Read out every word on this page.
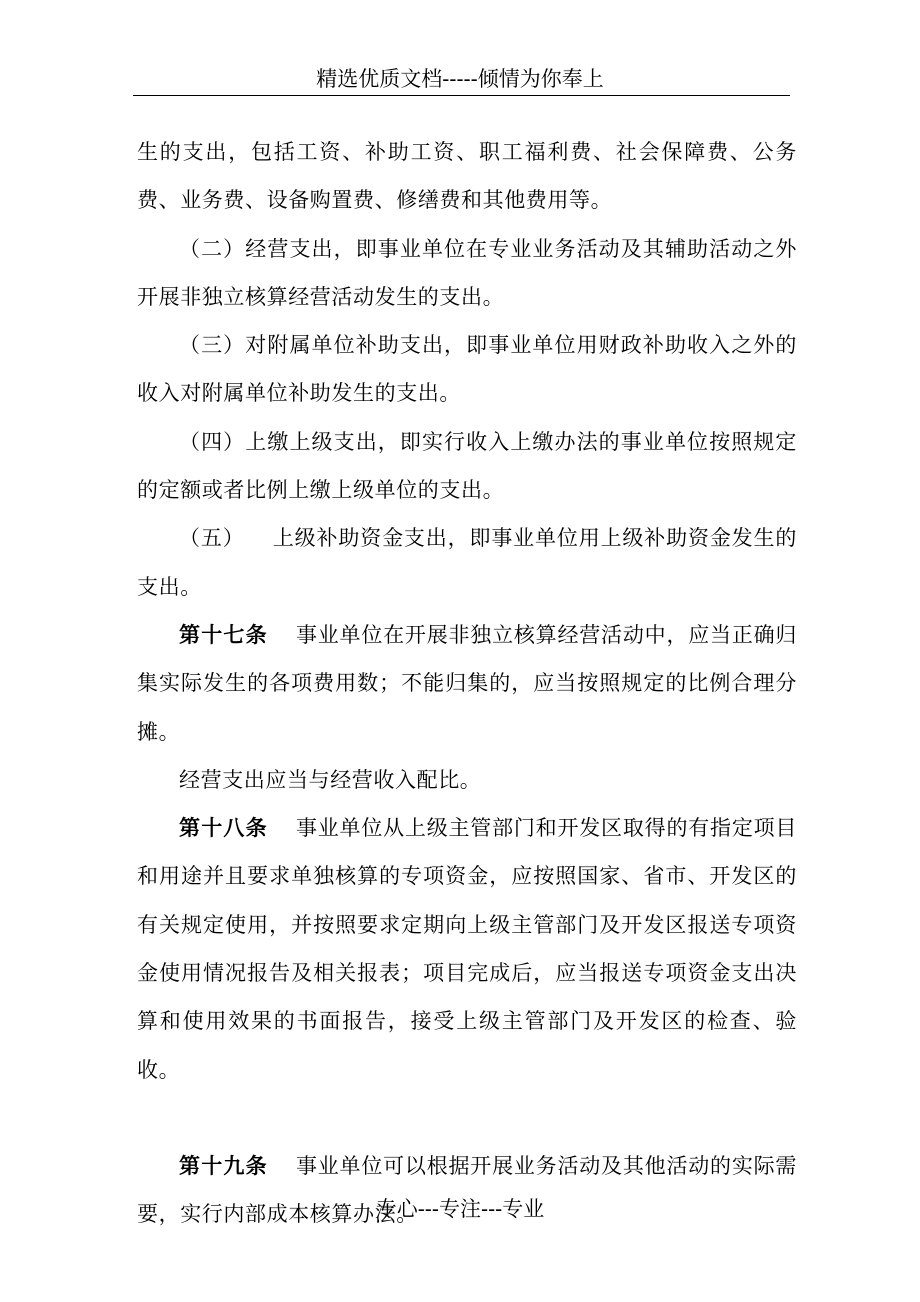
精选优质文档-----倾情为你奉上

生的支出，包括工资、补助工资、职工福利费、社会保障费、公务费、业务费、设备购置费、修缮费和其他费用等。

（二）经营支出，即事业单位在专业业务活动及其辅助活动之外开展非独立核算经营活动发生的支出。

（三）对附属单位补助支出，即事业单位用财政补助收入之外的收入对附属单位补助发生的支出。

（四）上缴上级支出，即实行收入上缴办法的事业单位按照规定的定额或者比例上缴上级单位的支出。

（五） 上级补助资金支出，即事业单位用上级补助资金发生的支出。

第十七条 事业单位在开展非独立核算经营活动中，应当正确归集实际发生的各项费用数；不能归集的，应当按照规定的比例合理分摊。

经营支出应当与经营收入配比。

第十八条 事业单位从上级主管部门和开发区取得的有指定项目和用途并且要求单独核算的专项资金，应按照国家、省市、开发区的有关规定使用，并按照要求定期向上级主管部门及开发区报送专项资金使用情况报告及相关报表；项目完成后，应当报送专项资金支出决算和使用效果的书面报告，接受上级主管部门及开发区的检查、验收。

第十九条 事业单位可以根据开展业务活动及其他活动的实际需要，实行内部成本核算办法。

专心---专注---专业
